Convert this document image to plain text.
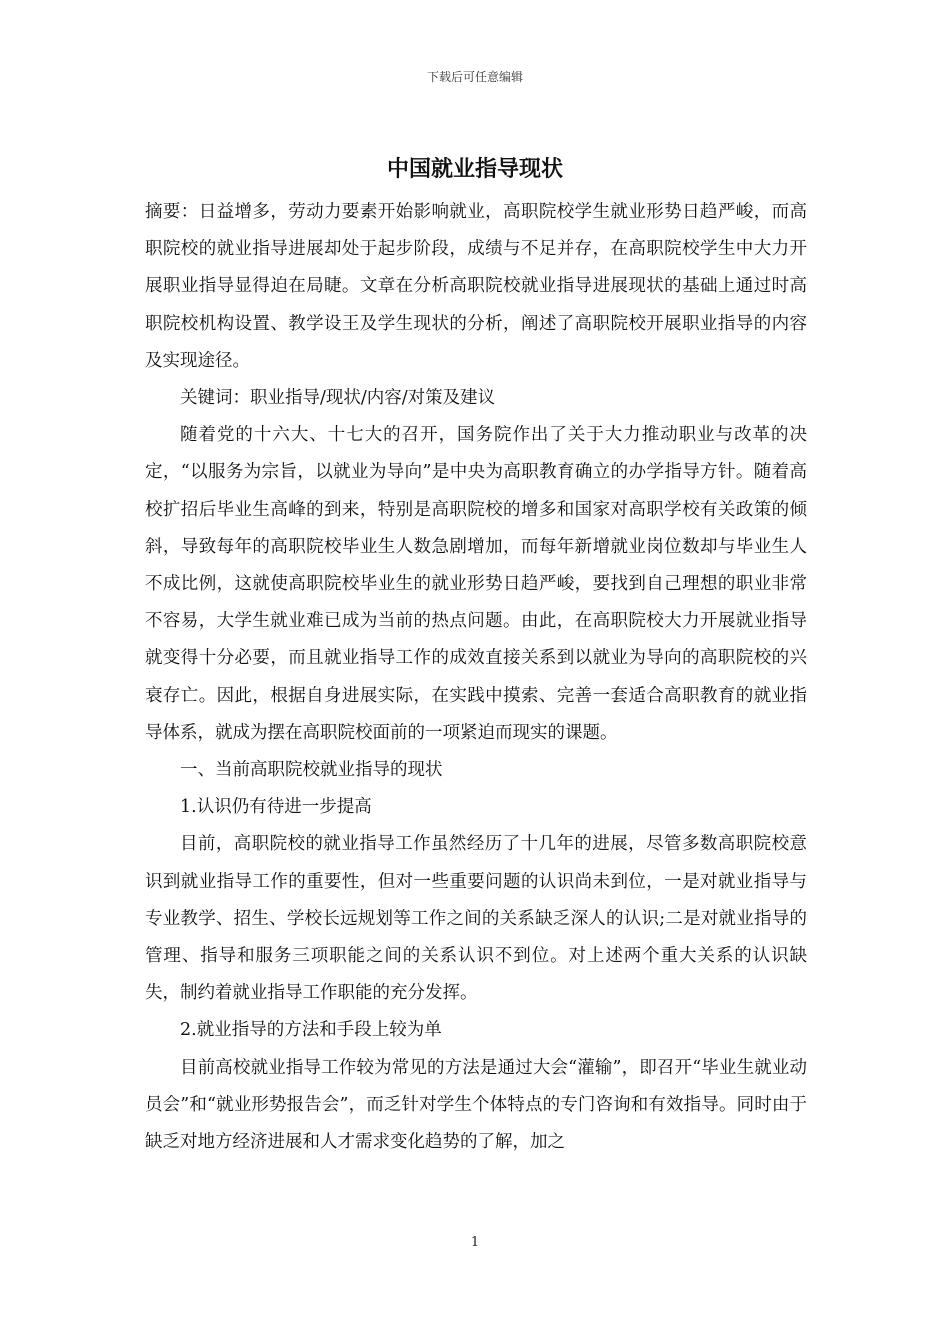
下载后可任意编辑
中国就业指导现状

摘要：日益增多，劳动力要素开始影响就业，高职院校学生就业形势日趋严峻，而高职院校的就业指导进展却处于起步阶段，成绩与不足并存，在高职院校学生中大力开展职业指导显得迫在局睫。文章在分析高职院校就业指导进展现状的基础上通过时高职院校机构设置、教学设王及学生现状的分析，阐述了高职院校开展职业指导的内容及实现途径。

关键词：职业指导/现状/内容/对策及建议

随着党的十六大、十七大的召开，国务院作出了关于大力推动职业与改革的决定，“以服务为宗旨，以就业为导向”是中央为高职教育确立的办学指导方针。随着高校扩招后毕业生高峰的到来，特别是高职院校的增多和国家对高职学校有关政策的倾斜，导致每年的高职院校毕业生人数急剧增加，而每年新增就业岗位数却与毕业生人不成比例，这就使高职院校毕业生的就业形势日趋严峻，要找到自己理想的职业非常不容易，大学生就业难已成为当前的热点问题。由此，在高职院校大力开展就业指导就变得十分必要，而且就业指导工作的成效直接关系到以就业为导向的高职院校的兴衰存亡。因此，根据自身进展实际，在实践中摸索、完善一套适合高职教育的就业指导体系，就成为摆在高职院校面前的一项紧迫而现实的课题。

一、当前高职院校就业指导的现状

1.认识仍有待进一步提高

目前，高职院校的就业指导工作虽然经历了十几年的进展，尽管多数高职院校意识到就业指导工作的重要性，但对一些重要问题的认识尚未到位，一是对就业指导与专业教学、招生、学校长远规划等工作之间的关系缺乏深人的认识;二是对就业指导的管理、指导和服务三项职能之间的关系认识不到位。对上述两个重大关系的认识缺失，制约着就业指导工作职能的充分发挥。

2.就业指导的方法和手段上较为单

目前高校就业指导工作较为常见的方法是通过大会“灌输”，即召开“毕业生就业动员会”和“就业形势报告会”，而乏针对学生个体特点的专门咨询和有效指导。同时由于缺乏对地方经济进展和人才需求变化趋势的了解，加之

1
